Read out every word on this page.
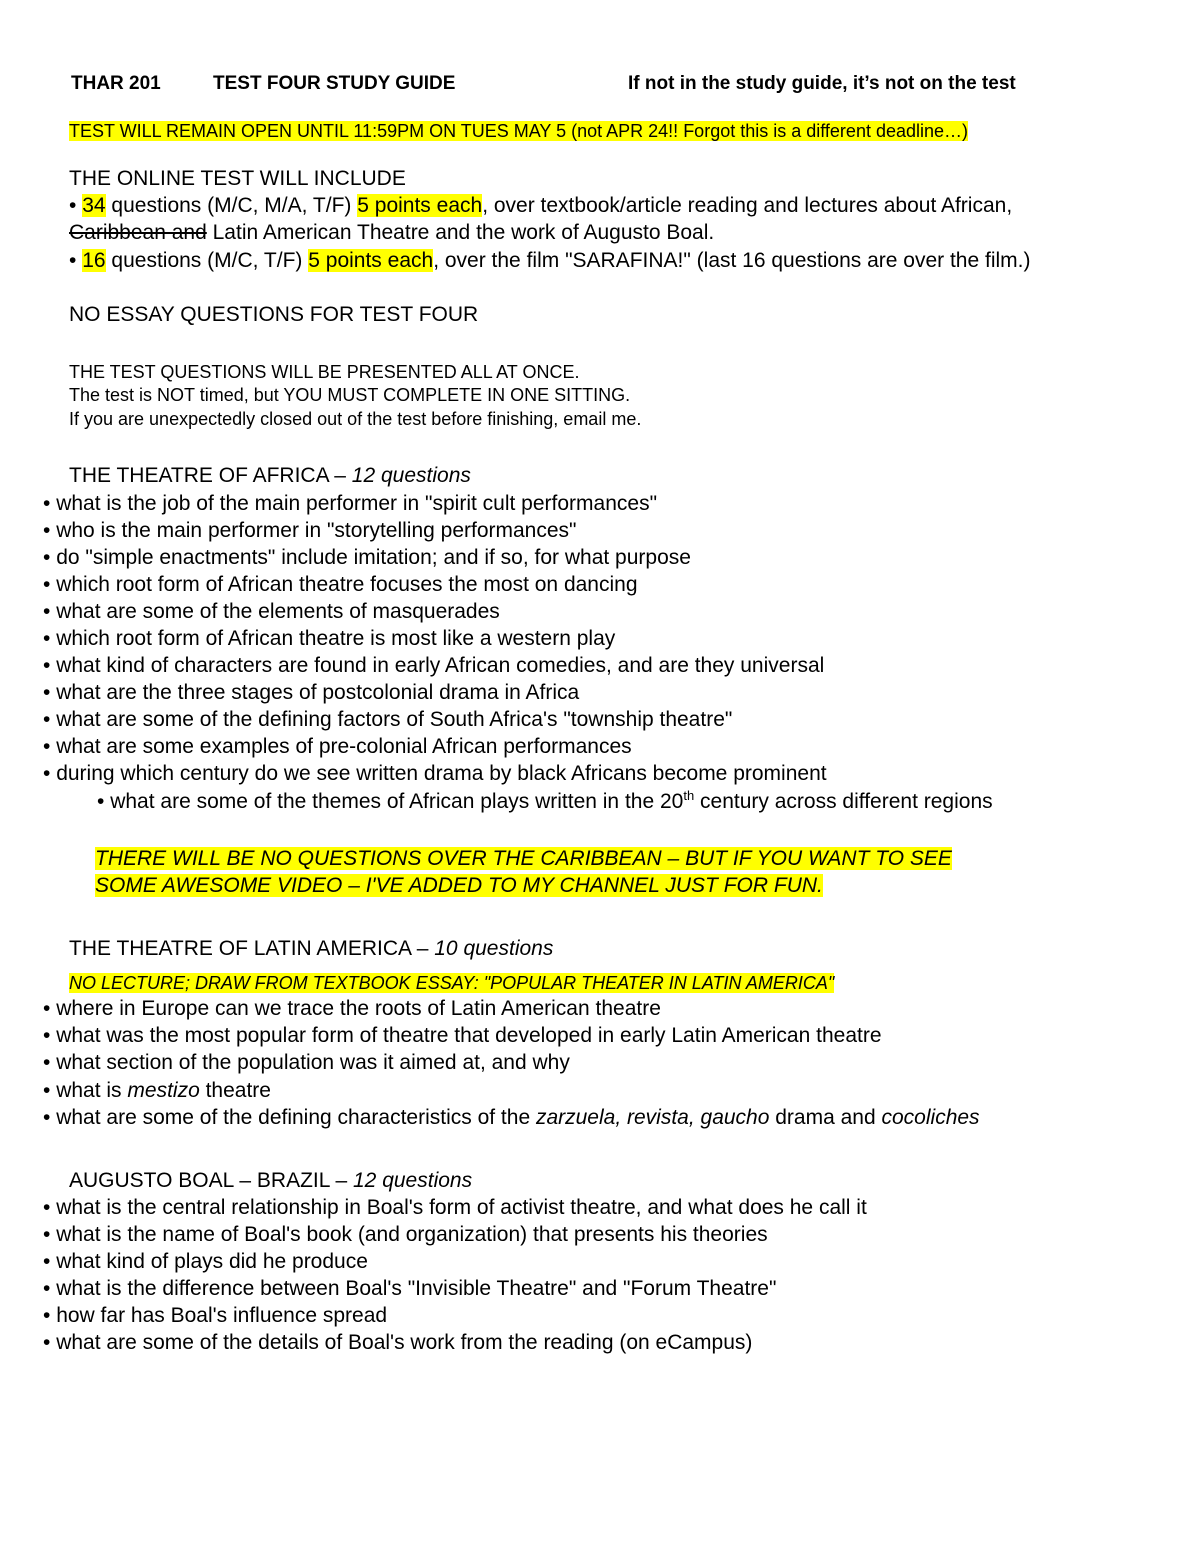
THAR 201	TEST FOUR STUDY GUIDE	If not in the study guide, it’s not on the test
TEST WILL REMAIN OPEN UNTIL 11:59PM ON TUES MAY 5 (not APR 24!! Forgot this is a different deadline…)
THE ONLINE TEST WILL INCLUDE
• 34 questions (M/C, M/A, T/F) 5 points each, over textbook/article reading and lectures about African,
Caribbean and Latin American Theatre and the work of Augusto Boal.
• 16 questions (M/C, T/F) 5 points each, over the film "SARAFINA!" (last 16 questions are over the film.)
NO ESSAY QUESTIONS FOR TEST FOUR
THE TEST QUESTIONS WILL BE PRESENTED ALL AT ONCE.
The test is NOT timed, but YOU MUST COMPLETE IN ONE SITTING.
If you are unexpectedly closed out of the test before finishing, email me.
THE THEATRE OF AFRICA – 12 questions
• what is the job of the main performer in "spirit cult performances"
• who is the main performer in "storytelling performances"
• do "simple enactments" include imitation; and if so, for what purpose
• which root form of African theatre focuses the most on dancing
• what are some of the elements of masquerades
• which root form of African theatre is most like a western play
• what kind of characters are found in early African comedies, and are they universal
• what are the three stages of postcolonial drama in Africa
• what are some of the defining factors of South Africa's "township theatre"
• what are some examples of pre-colonial African performances
• during which century do we see written drama by black Africans become prominent
• what are some of the themes of African plays written in the 20th century across different regions
THERE WILL BE NO QUESTIONS OVER THE CARIBBEAN – BUT IF YOU WANT TO SEE
SOME AWESOME VIDEO – I'VE ADDED TO MY CHANNEL JUST FOR FUN.
THE THEATRE OF LATIN AMERICA – 10 questions
NO LECTURE; DRAW FROM TEXTBOOK ESSAY: "POPULAR THEATER IN LATIN AMERICA"
• where in Europe can we trace the roots of Latin American theatre
• what was the most popular form of theatre that developed in early Latin American theatre
• what section of the population was it aimed at, and why
• what is mestizo theatre
• what are some of the defining characteristics of the zarzuela, revista, gaucho drama and cocoliches
AUGUSTO BOAL – BRAZIL – 12 questions
• what is the central relationship in Boal's form of activist theatre, and what does he call it
• what is the name of Boal's book (and organization) that presents his theories
• what kind of plays did he produce
• what is the difference between Boal's "Invisible Theatre" and "Forum Theatre"
• how far has Boal's influence spread
• what are some of the details of Boal's work from the reading (on eCampus)
